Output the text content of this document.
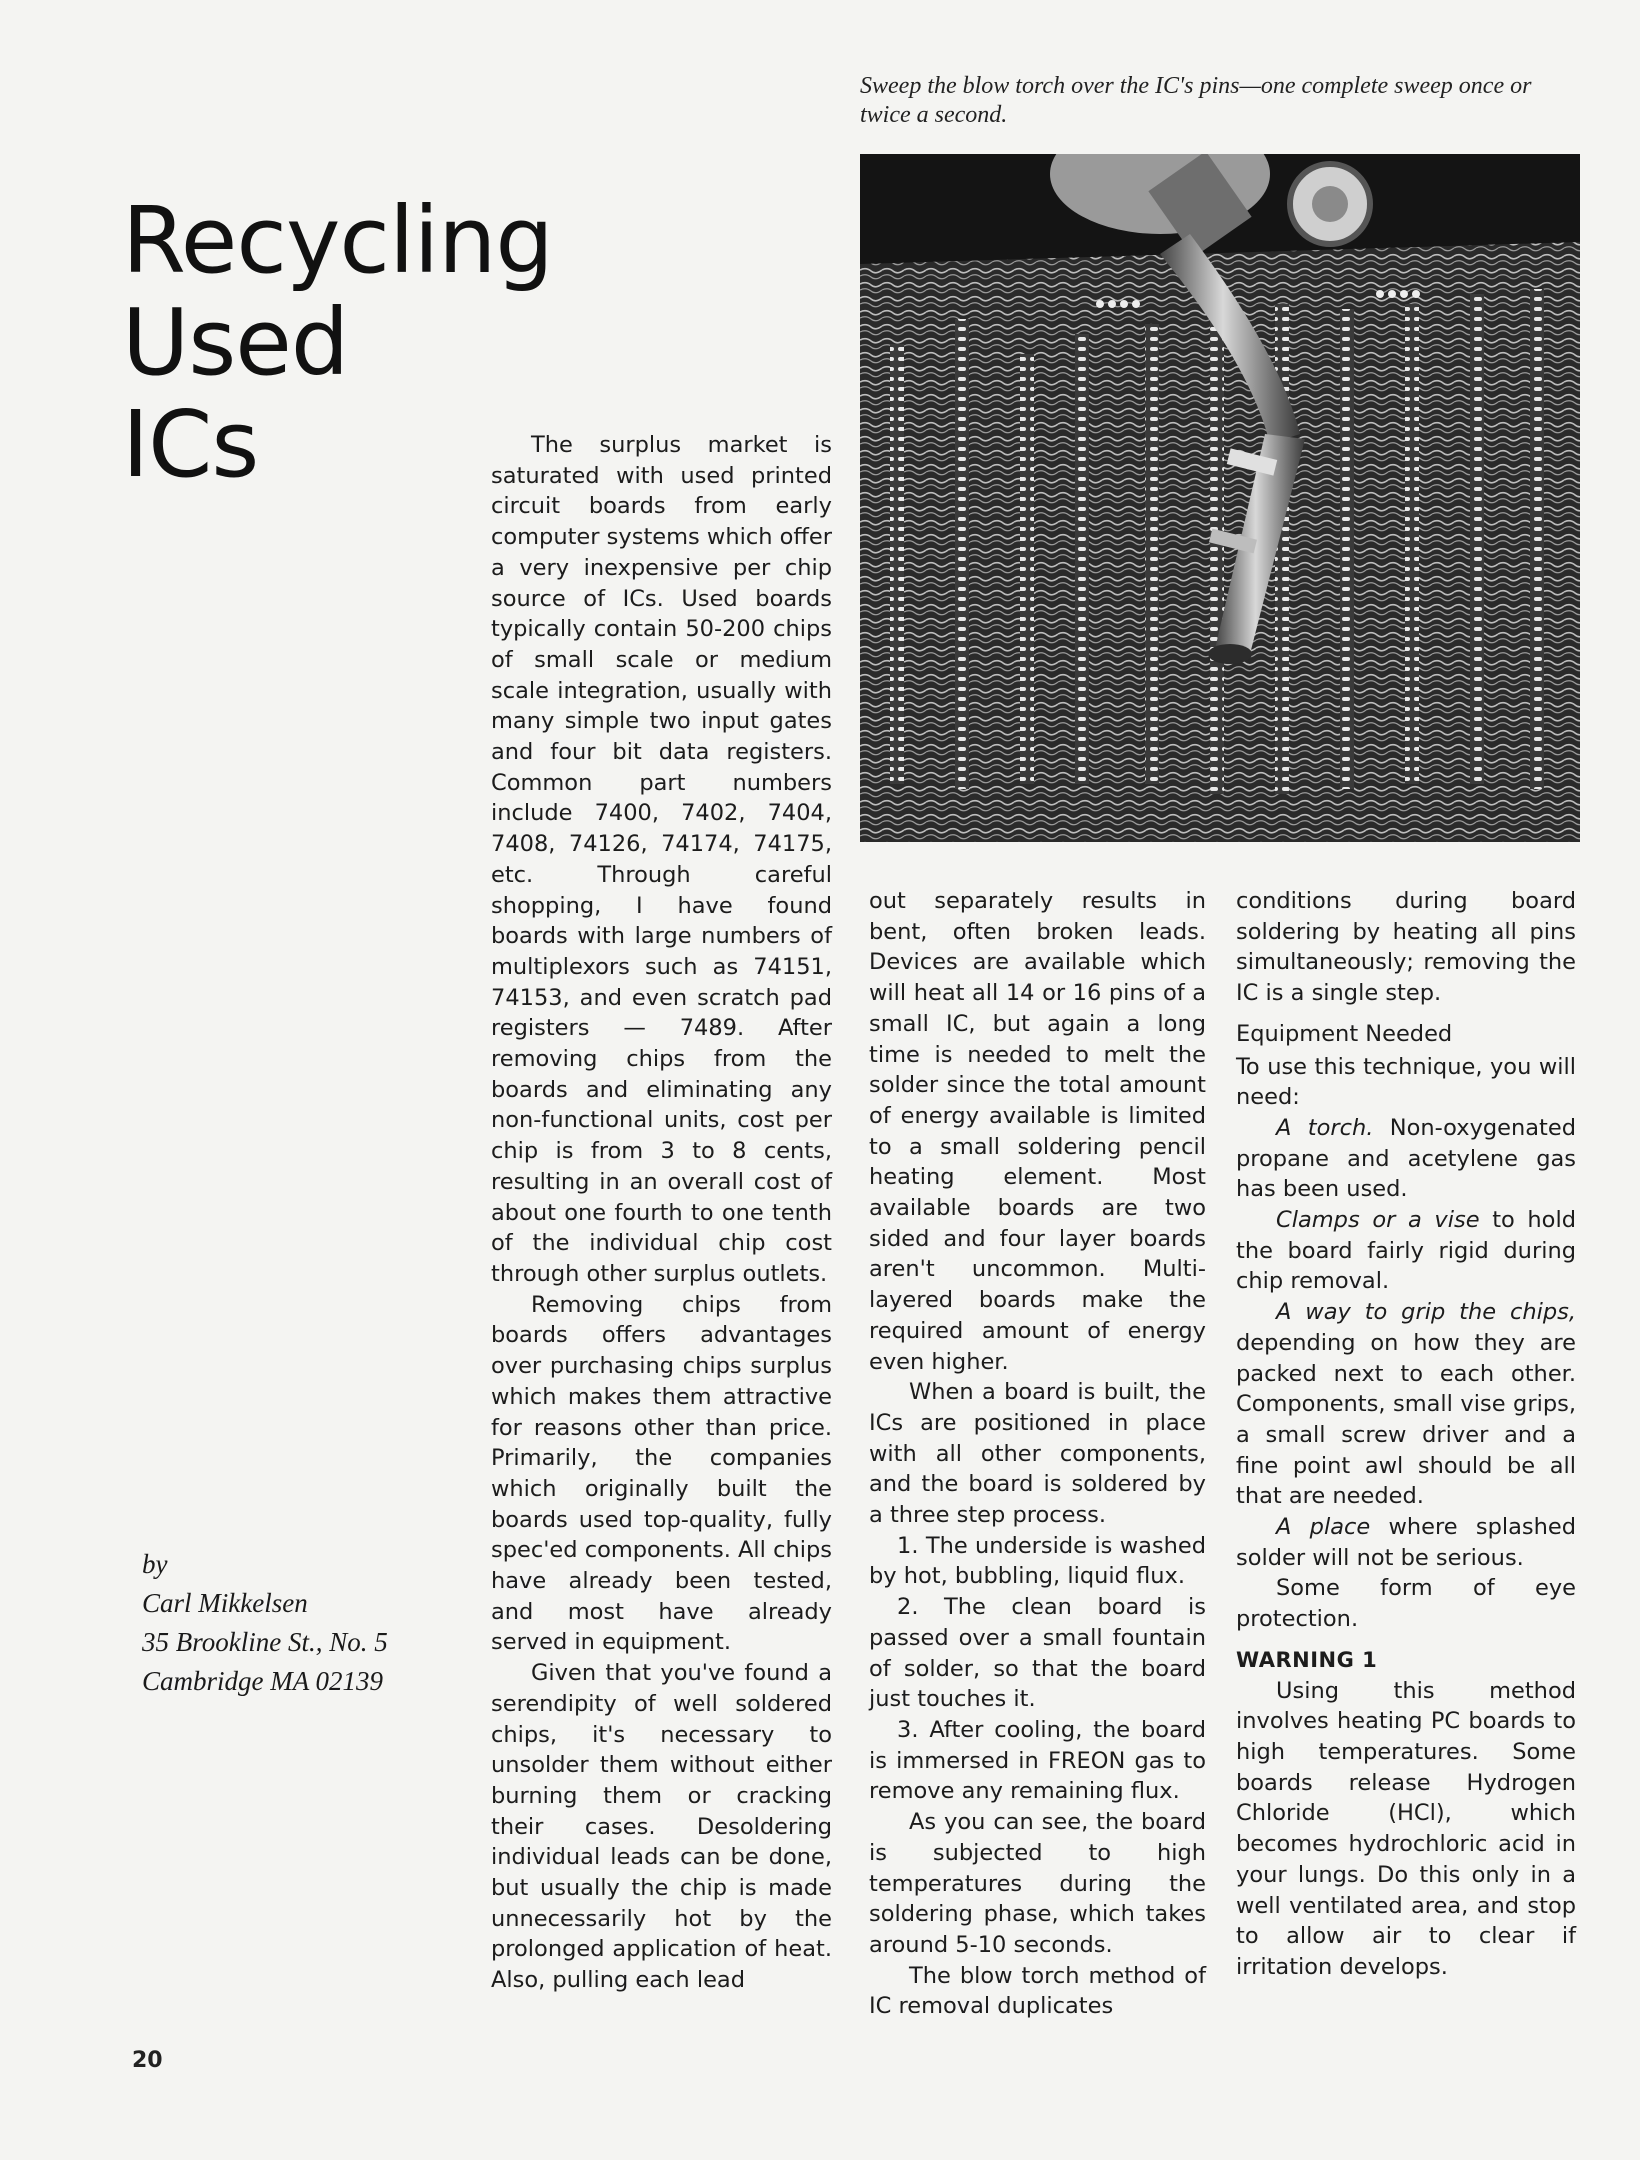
Sweep the blow torch over the IC's pins—one complete sweep once or twice a second.
Recycling
Used
ICs	The surplus market is saturated with used printed circuit boards from early computer systems which offer a very inexpensive per chip source of ICs. Used boards typically contain 50-200 chips of small scale or medium scale integration, usually with many simple two input gates and four bit data registers. Common part numbers include 7400, 7402, 7404, 7408, 74126, 74174, 74175, etc. Through careful shopping, I have found boards with large numbers of multiplexors such as 74151, 74153, and even scratch pad registers — 7489. After removing chips from the boards and eliminating any non-functional units, cost per chip is from 3 to 8 cents, resulting in an overall cost of about one fourth to one tenth of the individual chip cost through other surplus outlets.

Removing chips from boards offers advantages over purchasing chips surplus which makes them attractive for reasons other than price. Primarily, the companies which originally built the boards used top-quality, fully spec'ed components. All chips have already been tested, and most have already served in equipment.

Given that you've found a serendipity of well soldered chips, it's necessary to unsolder them without either burning them or cracking their cases. Desoldering individual leads can be done, but usually the chip is made unnecessarily hot by the prolonged application of heat. Also, pulling each lead

out separately results in bent, often broken leads. Devices are available which will heat all 14 or 16 pins of a small IC, but again a long time is needed to melt the solder since the total amount of energy available is limited to a small soldering pencil heating element. Most available boards are two sided and four layer boards aren't uncommon. Multi-layered boards make the required amount of energy even higher.

When a board is built, the ICs are positioned in place with all other components, and the board is soldered by a three step process.

1. The underside is washed by hot, bubbling, liquid flux.

2. The clean board is passed over a small fountain of solder, so that the board just touches it.

3. After cooling, the board is immersed in FREON gas to remove any remaining flux.

As you can see, the board is subjected to high temperatures during the soldering phase, which takes around 5-10 seconds.

The blow torch method of IC removal duplicates

conditions during board soldering by heating all pins simultaneously; removing the IC is a single step.

Equipment Needed

To use this technique, you will need:

A torch. Non-oxygenated propane and acetylene gas has been used.

Clamps or a vise to hold the board fairly rigid during chip removal.

A way to grip the chips, depending on how they are packed next to each other. Components, small vise grips, a small screw driver and a fine point awl should be all that are needed.

A place where splashed solder will not be serious.

Some form of eye protection.

WARNING 1

Using this method involves heating PC boards to high temperatures. Some boards release Hydrogen Chloride (HCl), which becomes hydrochloric acid in your lungs. Do this only in a well ventilated area, and stop to allow air to clear if irritation develops.

by
Carl Mikkelsen
35 Brookline St., No. 5
Cambridge MA 02139
20
